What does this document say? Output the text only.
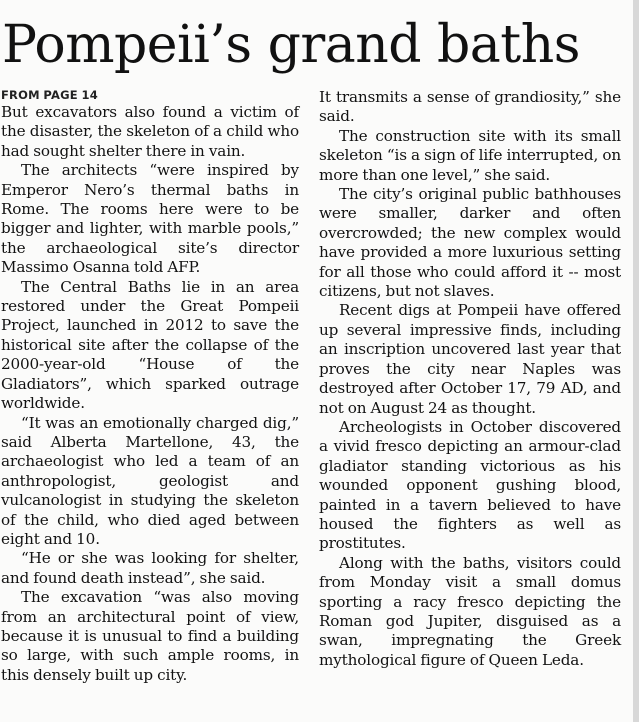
Pompeii’s grand baths
FROM PAGE 14

But excavators also found a victim of the disaster, the skeleton of a child who had sought shelter there in vain.

The architects “were inspired by Emperor Nero’s thermal baths in Rome. The rooms here were to be bigger and lighter, with marble pools,” the archaeological site’s director Massimo Osanna told AFP.

The Central Baths lie in an area restored under the Great Pompeii Project, launched in 2012 to save the historical site after the collapse of the 2000-year-old “House of the Gladiators”, which sparked outrage worldwide.

“It was an emotionally charged dig,” said Alberta Martellone, 43, the archaeologist who led a team of an anthropologist, geologist and vulcanologist in studying the skeleton of the child, who died aged between eight and 10.

“He or she was looking for shelter, and found death instead”, she said.

The excavation “was also moving from an architectural point of view, because it is unusual to find a building so large, with such ample rooms, in this densely built up city.

It transmits a sense of grandiosity,” she said.

The construction site with its small skeleton “is a sign of life interrupted, on more than one level,” she said.

The city’s original public bathhouses were smaller, darker and often overcrowded; the new complex would have provided a more luxurious setting for all those who could afford it -- most citizens, but not slaves.

Recent digs at Pompeii have offered up several impressive finds, including an inscription uncovered last year that proves the city near Naples was destroyed after October 17, 79 AD, and not on August 24 as thought.

Archeologists in October discovered a vivid fresco depicting an armour-clad gladiator standing victorious as his wounded opponent gushing blood, painted in a tavern believed to have housed the fighters as well as prostitutes.

Along with the baths, visitors could from Monday visit a small domus sporting a racy fresco depicting the Roman god Jupiter, disguised as a swan, impregnating the Greek mythological figure of Queen Leda.
